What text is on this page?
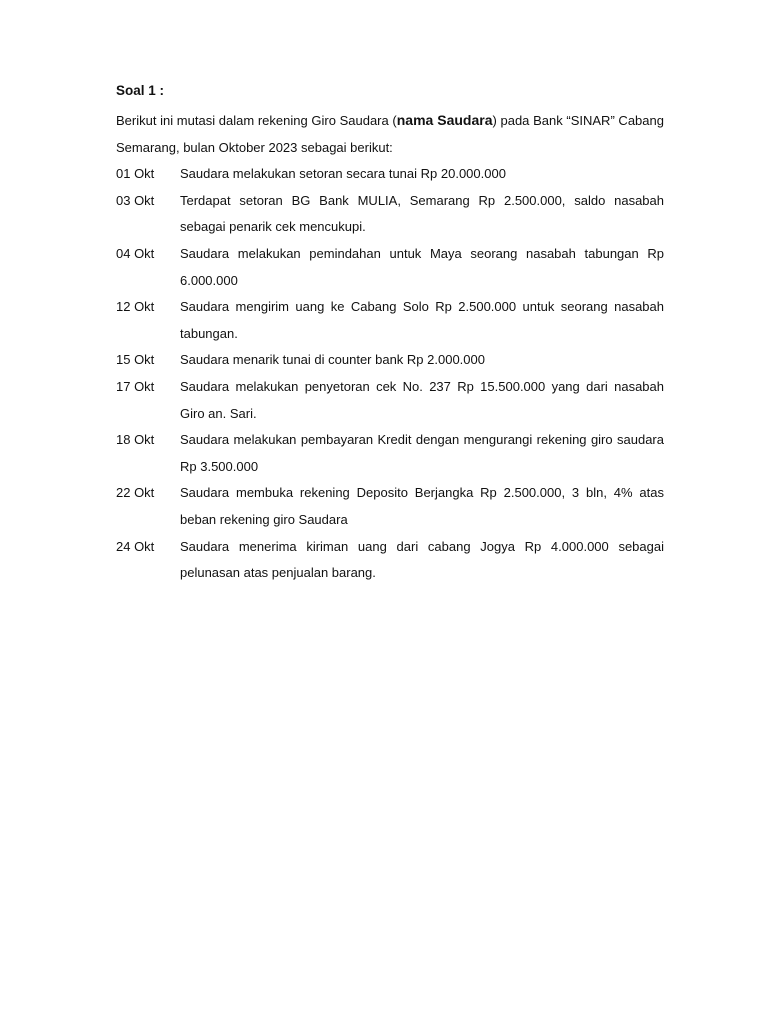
Soal 1 :

Berikut ini mutasi dalam rekening Giro Saudara (nama Saudara) pada Bank “SINAR” Cabang Semarang, bulan Oktober 2023 sebagai berikut:

01 Okt	Saudara melakukan setoran secara tunai Rp 20.000.000
03 Okt	Terdapat setoran BG Bank MULIA, Semarang Rp 2.500.000, saldo nasabah sebagai penarik cek mencukupi.
04 Okt	Saudara melakukan pemindahan untuk Maya seorang nasabah tabungan Rp 6.000.000
12 Okt	Saudara mengirim uang ke Cabang Solo Rp 2.500.000 untuk seorang nasabah tabungan.
15 Okt	Saudara menarik tunai di counter bank Rp 2.000.000
17 Okt	Saudara melakukan penyetoran cek No. 237 Rp 15.500.000 yang dari nasabah Giro an. Sari.
18 Okt	Saudara melakukan pembayaran Kredit dengan mengurangi rekening giro saudara Rp 3.500.000
22 Okt	Saudara membuka rekening Deposito Berjangka Rp 2.500.000, 3 bln, 4% atas beban rekening giro Saudara
24 Okt	Saudara menerima kiriman uang dari cabang Jogya Rp 4.000.000 sebagai pelunasan atas penjualan barang.
